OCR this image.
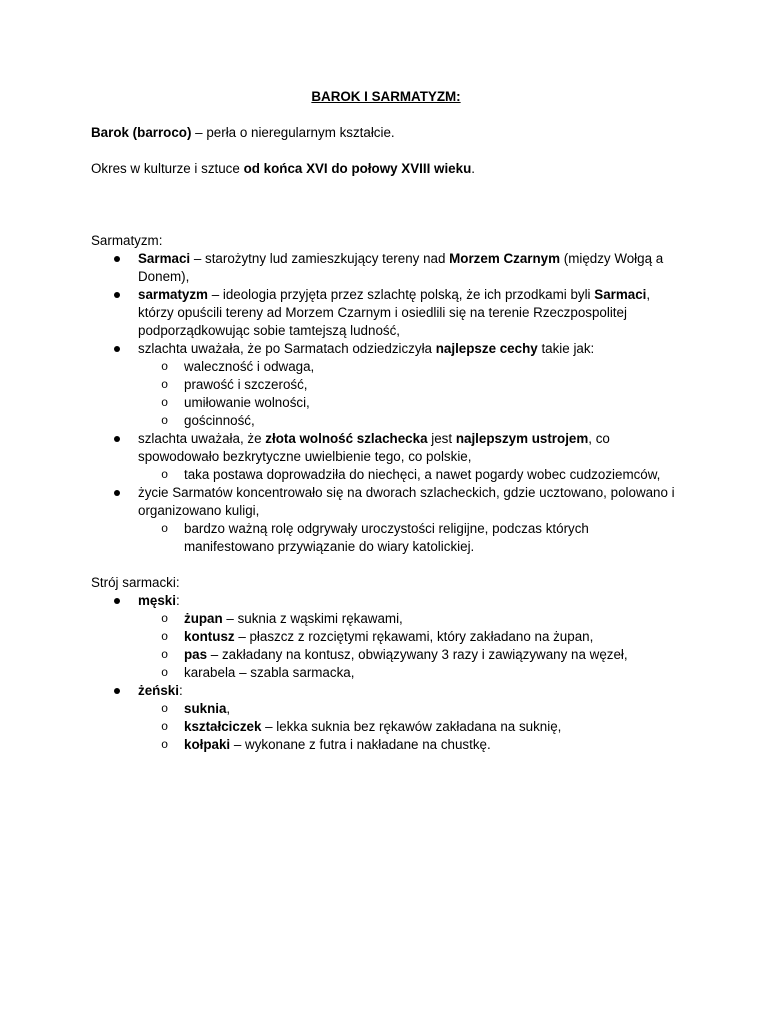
BAROK I SARMATYZM:

Barok (barroco) – perła o nieregularnym kształcie.

Okres w kulturze i sztuce od końca XVI do połowy XVIII wieku.

Sarmatyzm:

Sarmaci – starożytny lud zamieszkujący tereny nad Morzem Czarnym (między Wołgą a Donem),
sarmatyzm – ideologia przyjęta przez szlachtę polską, że ich przodkami byli Sarmaci, którzy opuścili tereny ad Morzem Czarnym i osiedlili się na terenie Rzeczpospolitej podporządkowując sobie tamtejszą ludność,
szlachta uważała, że po Sarmatach odziedziczyła najlepsze cechy takie jak:
o waleczność i odwaga,
o prawość i szczerość,
o umiłowanie wolności,
o gościnność,
szlachta uważała, że złota wolność szlachecka jest najlepszym ustrojem, co spowodowało bezkrytyczne uwielbienie tego, co polskie,
o taka postawa doprowadziła do niechęci, a nawet pogardy wobec cudzoziemców,
życie Sarmatów koncentrowało się na dworach szlacheckich, gdzie ucztowano, polowano i organizowano kuligi,
o bardzo ważną rolę odgrywały uroczystości religijne, podczas których manifestowano przywiązanie do wiary katolickiej.

Strój sarmacki:

męski:
o żupan – suknia z wąskimi rękawami,
o kontusz – płaszcz z rozciętymi rękawami, który zakładano na żupan,
o pas – zakładany na kontusz, obwiązywany 3 razy i zawiązywany na węzeł,
o karabela – szabla sarmacka,
żeński:
o suknia,
o kształciczek – lekka suknia bez rękawów zakładana na suknię,
o kołpaki – wykonane z futra i nakładane na chustkę.
